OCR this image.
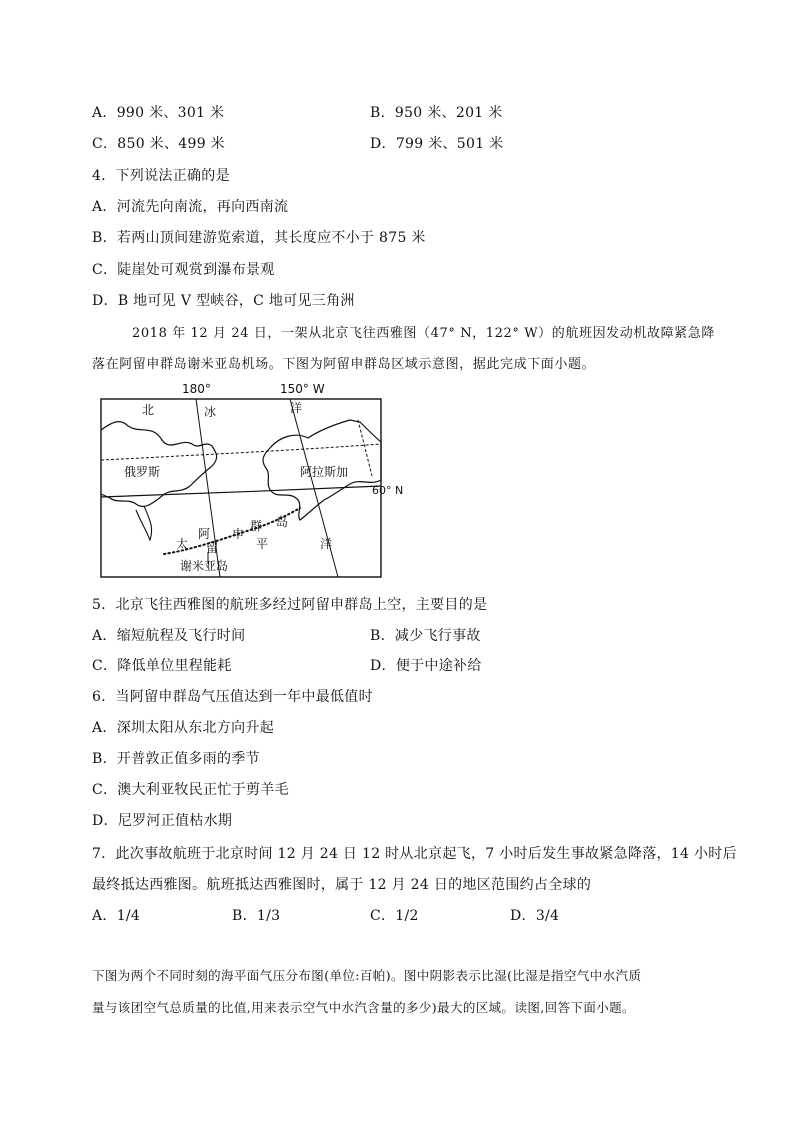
A．990 米、301 米	B．950 米、201 米
C．850 米、499 米	D．799 米、501 米
4．下列说法正确的是
A．河流先向南流，再向西南流
B．若两山顶间建游览索道，其长度应不小于 875 米
C．陡崖处可观赏到瀑布景观
D．B 地可见 V 型峡谷，C 地可见三角洲
2018 年 12 月 24 日，一架从北京飞往西雅图（47° N，122° W）的航班因发动机故障紧急降
落在阿留申群岛谢米亚岛机场。下图为阿留申群岛区域示意图，据此完成下面小题。
180°	150° W
北	冰	洋
俄罗斯	阿拉斯加
60° N
阿
留
申
群 岛
太	平	洋
谢米亚岛
5．北京飞往西雅图的航班多经过阿留申群岛上空，主要目的是
A．缩短航程及飞行时间	B．减少飞行事故
C．降低单位里程能耗	D．便于中途补给
6．当阿留申群岛气压值达到一年中最低值时
A．深圳太阳从东北方向升起
B．开普敦正值多雨的季节
C．澳大利亚牧民正忙于剪羊毛
D．尼罗河正值枯水期
7．此次事故航班于北京时间 12 月 24 日 12 时从北京起飞，7 小时后发生事故紧急降落，14 小时后
最终抵达西雅图。航班抵达西雅图时，属于 12 月 24 日的地区范围约占全球的
A．1/4	B．1/3	C．1/2	D．3/4
下图为两个不同时刻的海平面气压分布图(单位:百帕)。图中阴影表示比湿(比湿是指空气中水汽质
量与该团空气总质量的比值,用来表示空气中水汽含量的多少)最大的区域。读图,回答下面小题。
